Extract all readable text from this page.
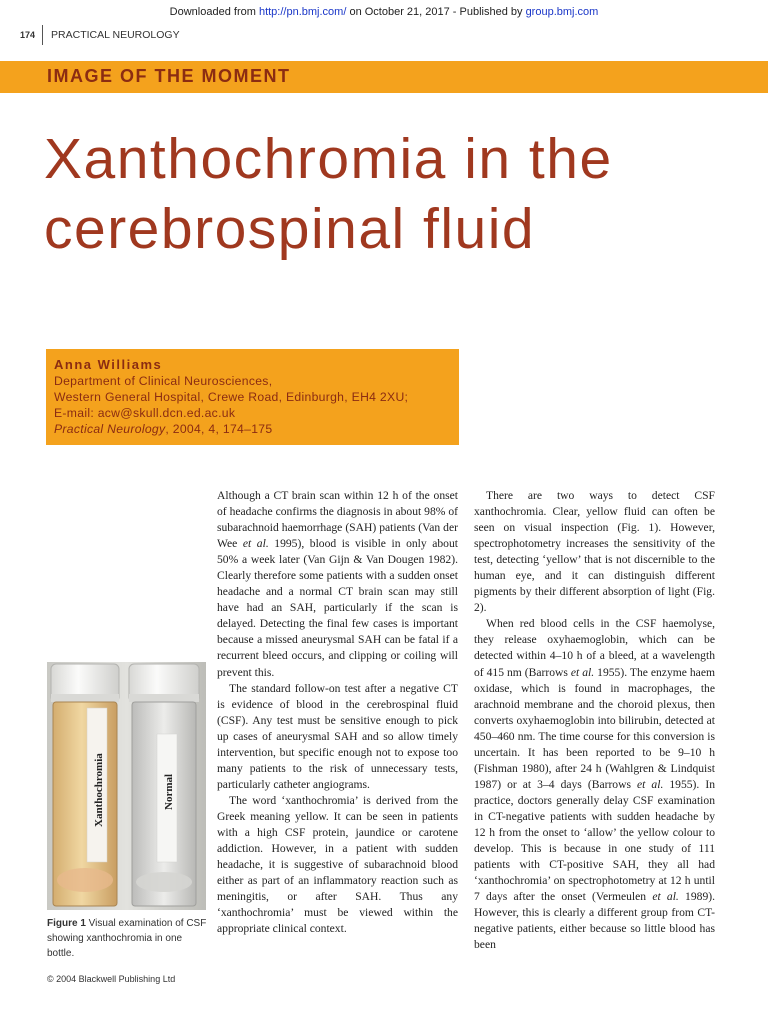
Downloaded from http://pn.bmj.com/ on October 21, 2017 - Published by group.bmj.com
174 PRACTICAL NEUROLOGY
IMAGE OF THE MOMENT
Xanthochromia in the
cerebrospinal fluid
Anna Williams
Department of Clinical Neurosciences,
Western General Hospital, Crewe Road, Edinburgh, EH4 2XU;
E-mail: acw@skull.dcn.ed.ac.uk
Practical Neurology, 2004, 4, 174–175
Xanthochromia	Normal
Figure 1 Visual examination of CSF showing xanthochromia in one bottle.
© 2004 Blackwell Publishing Ltd

Although a CT brain scan within 12 h of the onset of headache confirms the diagnosis in about 98% of subarachnoid haemorrhage (SAH) patients (Van der Wee et al. 1995), blood is visible in only about 50% a week later (Van Gijn & Van Dougen 1982). Clearly therefore some patients with a sudden onset headache and a normal CT brain scan may still have had an SAH, particularly if the scan is delayed. Detecting the final few cases is important because a missed aneurysmal SAH can be fatal if a recurrent bleed occurs, and clipping or coiling will prevent this.

The standard follow-on test after a negative CT is evidence of blood in the cerebrospinal fluid (CSF). Any test must be sensitive enough to pick up cases of aneurysmal SAH and so allow timely intervention, but specific enough not to expose too many patients to the risk of unnecessary tests, particularly catheter angiograms.

The word ‘xanthochromia’ is derived from the Greek meaning yellow. It can be seen in patients with a high CSF protein, jaundice or carotene addiction. However, in a patient with sudden headache, it is suggestive of subarachnoid blood either as part of an inflammatory reaction such as meningitis, or after SAH. Thus any ‘xanthochromia’ must be viewed within the appropriate clinical context.

There are two ways to detect CSF xanthochromia. Clear, yellow fluid can often be seen on visual inspection (Fig. 1). However, spectrophotometry increases the sensitivity of the test, detecting ‘yellow’ that is not discernible to the human eye, and it can distinguish different pigments by their different absorption of light (Fig. 2).

When red blood cells in the CSF haemolyse, they release oxyhaemoglobin, which can be detected within 4–10 h of a bleed, at a wavelength of 415 nm (Barrows et al. 1955). The enzyme haem oxidase, which is found in macrophages, the arachnoid membrane and the choroid plexus, then converts oxyhaemoglobin into bilirubin, detected at 450–460 nm. The time course for this conversion is uncertain. It has been reported to be 9–10 h (Fishman 1980), after 24 h (Wahlgren & Lindquist 1987) or at 3–4 days (Barrows et al. 1955). In practice, doctors generally delay CSF examination in CT-negative patients with sudden headache by 12 h from the onset to ‘allow’ the yellow colour to develop. This is because in one study of 111 patients with CT-positive SAH, they all had ‘xanthochromia’ on spectrophotometry at 12 h until 7 days after the onset (Vermeulen et al. 1989). However, this is clearly a different group from CT-negative patients, either because so little blood has been
